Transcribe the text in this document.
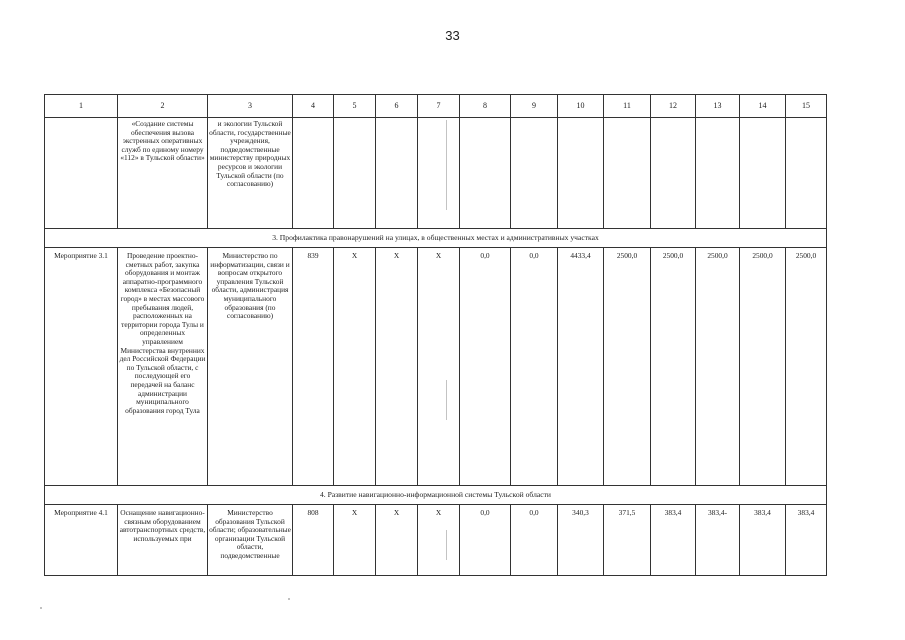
33
1	2	3	4	5	6	7	8	9	10	11	12	13	14	15
	«Создание системы обеспечения вызова экстренных оперативных служб по единому номеру «112» в Тульской области»	и экологии Тульской области, государственные учреждения, подведомственные министерству природных ресурсов и экологии Тульской области (по согласованию)												
3. Профилактика правонарушений на улицах, в общественных местах и административных участках														
Мероприятие 3.1	Проведение проектно-сметных работ, закупка оборудования и монтаж аппаратно-программного комплекса «Безопасный город» в местах массового пребывания людей, расположенных на территории города Тулы и определенных управлением Министерства внутренних дел Российской Федерации по Тульской области, с последующей его передачей на баланс администрации муниципального образования город Тула	Министерство по информатизации, связи и вопросам открытого управления Тульской области, администрация муниципального образования (по согласованию)	839	X	X	X	0,0	0,0	4433,4	2500,0	2500,0	2500,0	2500,0	2500,0
4. Развитие навигационно-информационной системы Тульской области														
Мероприятие 4.1	Оснащение навигационно-связным оборудованием автотранспортных средств, используемых при	Министерство образования Тульской области; образовательные организации Тульской области, подведомственные	808	X	X	X	0,0	0,0	340,3	371,5	383,4	383,4-	383,4	383,4
